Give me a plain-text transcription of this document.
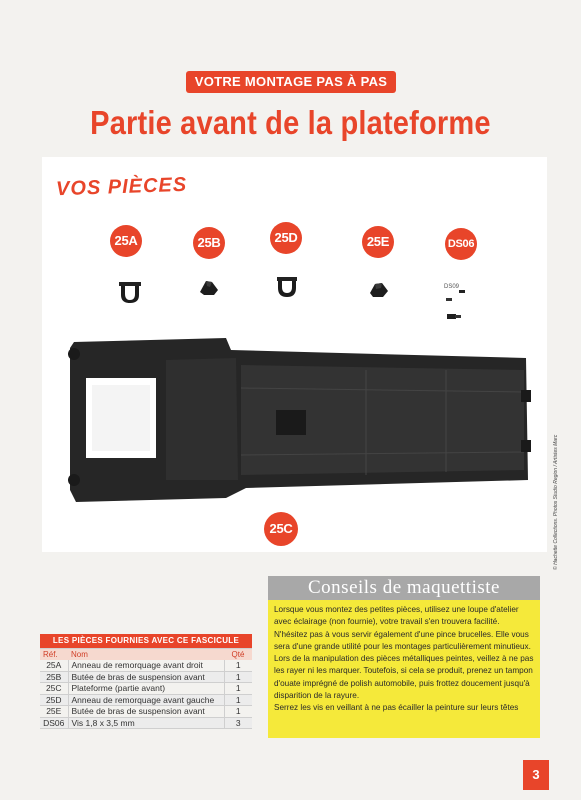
VOTRE MONTAGE PAS À PAS
Partie avant de la plateforme
VOS PIÈCES
25A	25B	25D	25E	DS06
25C
DS09
© Hachette Collections. Photos Studio Region / Artistes Marc
Conseils de maquettiste

Lorsque vous montez des petites pièces, utilisez une loupe d'atelier avec éclairage (non fournie), votre travail s'en trouvera facilité. N'hésitez pas à vous servir également d'une pince brucelles. Elle vous sera d'une grande utilité pour les montages particulièrement minutieux.

Lors de la manipulation des pièces métalliques peintes, veillez à ne pas les rayer ni les marquer. Toutefois, si cela se produit, prenez un tampon d'ouate imprégné de polish automobile, puis frottez doucement jusqu'à disparition de la rayure.

Serrez les vis en veillant à ne pas écailler la peinture sur leurs têtes

LES PIÈCES FOURNIES AVEC CE FASCICULE		
Réf.	Nom	Qté
25A	Anneau de remorquage avant droit	1
25B	Butée de bras de suspension avant	1
25C	Plateforme (partie avant)	1
25D	Anneau de remorquage avant gauche	1
25E	Butée de bras de suspension avant	1
DS06	Vis 1,8 x 3,5 mm	3
3
